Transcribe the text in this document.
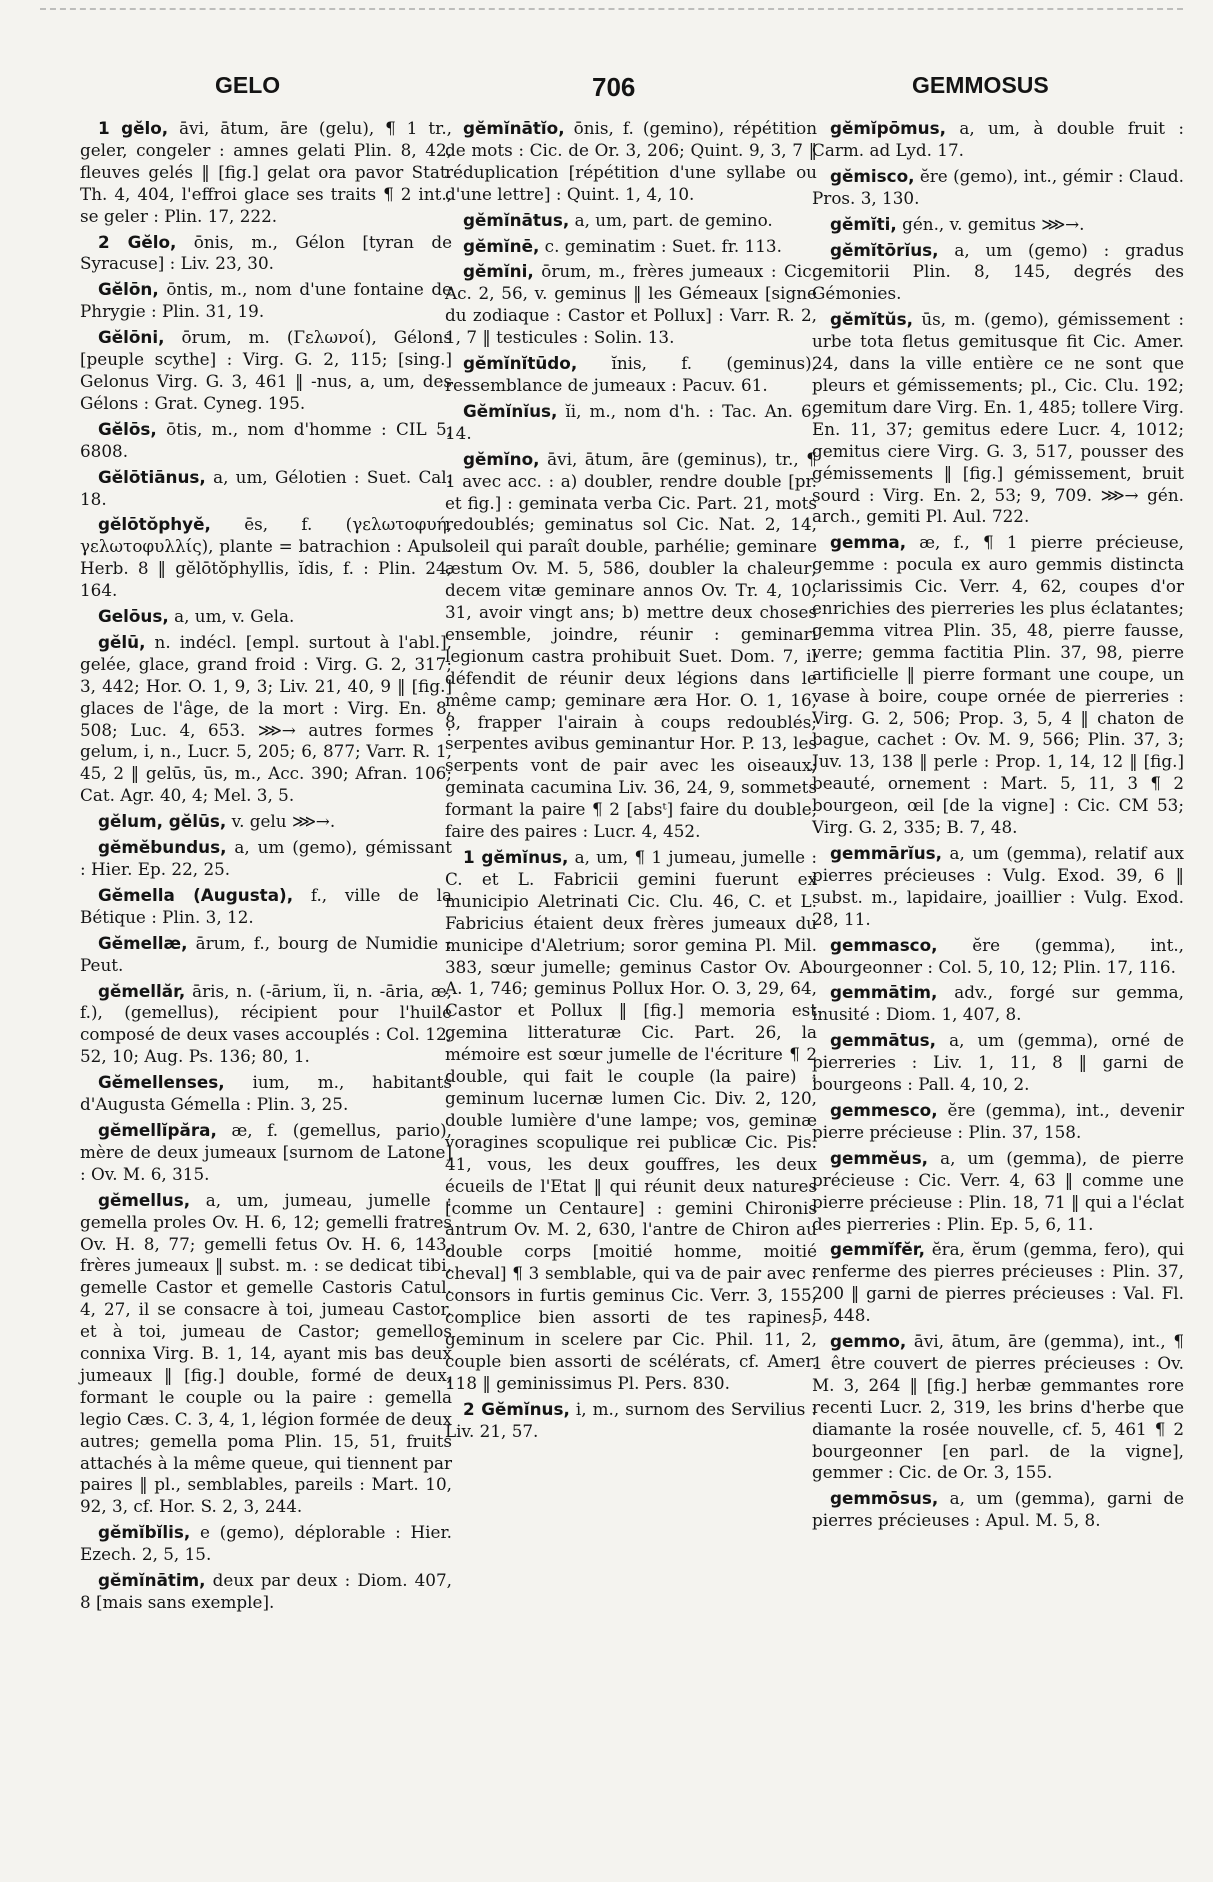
GELO	706	GEMMOSUS

1 gĕlo, āvi, ātum, āre (gelu), ¶ 1 tr., geler, congeler : amnes gelati Plin. 8, 42, fleuves gelés ‖ [fig.] gelat ora pavor Stat. Th. 4, 404, l'effroi glace ses traits ¶ 2 int., se geler : Plin. 17, 222.

2 Gĕlo, ōnis, m., Gélon [tyran de Syracuse] : Liv. 23, 30.

Gĕlōn, ōntis, m., nom d'une fontaine de Phrygie : Plin. 31, 19.

Gĕlōni, ōrum, m. (Γελωνοί), Gélons [peuple scythe] : Virg. G. 2, 115; [sing.] Gelonus Virg. G. 3, 461 ‖ -nus, a, um, des Gélons : Grat. Cyneg. 195.

Gĕlōs, ōtis, m., nom d'homme : CIL 5, 6808.

Gĕlōtiānus, a, um, Gélotien : Suet. Cal. 18.

gĕlōtŏphyĕ, ēs, f. (γελωτοφυή, γελωτοφυλλίς), plante = batrachion : Apul. Herb. 8 ‖ gĕlōtŏphyllis, ĭdis, f. : Plin. 24, 164.

Gelōus, a, um, v. Gela.

gĕlū, n. indécl. [empl. surtout à l'abl.], gelée, glace, grand froid : Virg. G. 2, 317; 3, 442; Hor. O. 1, 9, 3; Liv. 21, 40, 9 ‖ [fig.] glaces de l'âge, de la mort : Virg. En. 8, 508; Luc. 4, 653. ⋙→ autres formes : gelum, i, n., Lucr. 5, 205; 6, 877; Varr. R. 1, 45, 2 ‖ gelūs, ūs, m., Acc. 390; Afran. 106; Cat. Agr. 40, 4; Mel. 3, 5.

gĕlum, gĕlūs, v. gelu ⋙→.

gĕmĕbundus, a, um (gemo), gémissant : Hier. Ep. 22, 25.

Gĕmella (Augusta), f., ville de la Bétique : Plin. 3, 12.

Gĕmellæ, ārum, f., bourg de Numidie : Peut.

gĕmellăr, āris, n. (-ārium, ĭi, n. -āria, æ, f.), (gemellus), récipient pour l'huile composé de deux vases accouplés : Col. 12, 52, 10; Aug. Ps. 136; 80, 1.

Gĕmellenses, ium, m., habitants d'Augusta Gémella : Plin. 3, 25.

gĕmellĭpăra, æ, f. (gemellus, pario), mère de deux jumeaux [surnom de Latone] : Ov. M. 6, 315.

gĕmellus, a, um, jumeau, jumelle : gemella proles Ov. H. 6, 12; gemelli fratres Ov. H. 8, 77; gemelli fetus Ov. H. 6, 143, frères jumeaux ‖ subst. m. : se dedicat tibi, gemelle Castor et gemelle Castoris Catul. 4, 27, il se consacre à toi, jumeau Castor, et à toi, jumeau de Castor; gemellos connixa Virg. B. 1, 14, ayant mis bas deux jumeaux ‖ [fig.] double, formé de deux, formant le couple ou la paire : gemella legio Cæs. C. 3, 4, 1, légion formée de deux autres; gemella poma Plin. 15, 51, fruits attachés à la même queue, qui tiennent par paires ‖ pl., semblables, pareils : Mart. 10, 92, 3, cf. Hor. S. 2, 3, 244.

gĕmĭbĭlis, e (gemo), déplorable : Hier. Ezech. 2, 5, 15.

gĕmĭnātim, deux par deux : Diom. 407, 8 [mais sans exemple].

gĕmĭnātĭo, ōnis, f. (gemino), répétition de mots : Cic. de Or. 3, 206; Quint. 9, 3, 7 ‖ réduplication [répétition d'une syllabe ou d'une lettre] : Quint. 1, 4, 10.

gĕmĭnātus, a, um, part. de gemino.

gĕmĭnē, c. geminatim : Suet. fr. 113.

gĕmĭni, ōrum, m., frères jumeaux : Cic. Ac. 2, 56, v. geminus ‖ les Gémeaux [signe du zodiaque : Castor et Pollux] : Varr. R. 2, 1, 7 ‖ testicules : Solin. 13.

gĕmĭnĭtūdo, ĭnis, f. (geminus), ressemblance de jumeaux : Pacuv. 61.

Gĕmĭnĭus, ĭi, m., nom d'h. : Tac. An. 6, 14.

gĕmĭno, āvi, ātum, āre (geminus), tr., ¶ 1 avec acc. : a) doubler, rendre double [pr. et fig.] : geminata verba Cic. Part. 21, mots redoublés; geminatus sol Cic. Nat. 2, 14, soleil qui paraît double, parhélie; geminare æstum Ov. M. 5, 586, doubler la chaleur; decem vitæ geminare annos Ov. Tr. 4, 10, 31, avoir vingt ans; b) mettre deux choses ensemble, joindre, réunir : geminari legionum castra prohibuit Suet. Dom. 7, il défendit de réunir deux légions dans le même camp; geminare æra Hor. O. 1, 16, 8, frapper l'airain à coups redoublés; serpentes avibus geminantur Hor. P. 13, les serpents vont de pair avec les oiseaux; geminata cacumina Liv. 36, 24, 9, sommets formant la paire ¶ 2 [absᵗ] faire du double, faire des paires : Lucr. 4, 452.

1 gĕmĭnus, a, um, ¶ 1 jumeau, jumelle : C. et L. Fabricii gemini fuerunt ex municipio Aletrinati Cic. Clu. 46, C. et L. Fabricius étaient deux frères jumeaux du municipe d'Aletrium; soror gemina Pl. Mil. 383, sœur jumelle; geminus Castor Ov. A. A. 1, 746; geminus Pollux Hor. O. 3, 29, 64, Castor et Pollux ‖ [fig.] memoria est gemina litteraturæ Cic. Part. 26, la mémoire est sœur jumelle de l'écriture ¶ 2 double, qui fait le couple (la paire) : geminum lucernæ lumen Cic. Div. 2, 120, double lumière d'une lampe; vos, geminæ voragines scopulique rei publicæ Cic. Pis. 41, vous, les deux gouffres, les deux écueils de l'Etat ‖ qui réunit deux natures [comme un Centaure] : gemini Chironis antrum Ov. M. 2, 630, l'antre de Chiron au double corps [moitié homme, moitié cheval] ¶ 3 semblable, qui va de pair avec : consors in furtis geminus Cic. Verr. 3, 155, complice bien assorti de tes rapines; geminum in scelere par Cic. Phil. 11, 2, couple bien assorti de scélérats, cf. Amer. 118 ‖ geminissimus Pl. Pers. 830.

2 Gĕmĭnus, i, m., surnom des Servilius : Liv. 21, 57.

gĕmĭpōmus, a, um, à double fruit : Carm. ad Lyd. 17.

gĕmisco, ĕre (gemo), int., gémir : Claud. Pros. 3, 130.

gĕmĭti, gén., v. gemitus ⋙→.

gĕmĭtōrĭus, a, um (gemo) : gradus gemitorii Plin. 8, 145, degrés des Gémonies.

gĕmĭtŭs, ūs, m. (gemo), gémissement : urbe tota fletus gemitusque fit Cic. Amer. 24, dans la ville entière ce ne sont que pleurs et gémissements; pl., Cic. Clu. 192; gemitum dare Virg. En. 1, 485; tollere Virg. En. 11, 37; gemitus edere Lucr. 4, 1012; gemitus ciere Virg. G. 3, 517, pousser des gémissements ‖ [fig.] gémissement, bruit sourd : Virg. En. 2, 53; 9, 709. ⋙→ gén. arch., gemiti Pl. Aul. 722.

gemma, æ, f., ¶ 1 pierre précieuse, gemme : pocula ex auro gemmis distincta clarissimis Cic. Verr. 4, 62, coupes d'or enrichies des pierreries les plus éclatantes; gemma vitrea Plin. 35, 48, pierre fausse, verre; gemma factitia Plin. 37, 98, pierre artificielle ‖ pierre formant une coupe, un vase à boire, coupe ornée de pierreries : Virg. G. 2, 506; Prop. 3, 5, 4 ‖ chaton de bague, cachet : Ov. M. 9, 566; Plin. 37, 3; Juv. 13, 138 ‖ perle : Prop. 1, 14, 12 ‖ [fig.] beauté, ornement : Mart. 5, 11, 3 ¶ 2 bourgeon, œil [de la vigne] : Cic. CM 53; Virg. G. 2, 335; B. 7, 48.

gemmārĭus, a, um (gemma), relatif aux pierres précieuses : Vulg. Exod. 39, 6 ‖ subst. m., lapidaire, joaillier : Vulg. Exod. 28, 11.

gemmasco, ĕre (gemma), int., bourgeonner : Col. 5, 10, 12; Plin. 17, 116.

gemmātim, adv., forgé sur gemma, inusité : Diom. 1, 407, 8.

gemmātus, a, um (gemma), orné de pierreries : Liv. 1, 11, 8 ‖ garni de bourgeons : Pall. 4, 10, 2.

gemmesco, ĕre (gemma), int., devenir pierre précieuse : Plin. 37, 158.

gemmĕus, a, um (gemma), de pierre précieuse : Cic. Verr. 4, 63 ‖ comme une pierre précieuse : Plin. 18, 71 ‖ qui a l'éclat des pierreries : Plin. Ep. 5, 6, 11.

gemmĭfĕr, ĕra, ĕrum (gemma, fero), qui renferme des pierres précieuses : Plin. 37, 200 ‖ garni de pierres précieuses : Val. Fl. 5, 448.

gemmo, āvi, ātum, āre (gemma), int., ¶ 1 être couvert de pierres précieuses : Ov. M. 3, 264 ‖ [fig.] herbæ gemmantes rore recenti Lucr. 2, 319, les brins d'herbe que diamante la rosée nouvelle, cf. 5, 461 ¶ 2 bourgeonner [en parl. de la vigne], gemmer : Cic. de Or. 3, 155.

gemmōsus, a, um (gemma), garni de pierres précieuses : Apul. M. 5, 8.
